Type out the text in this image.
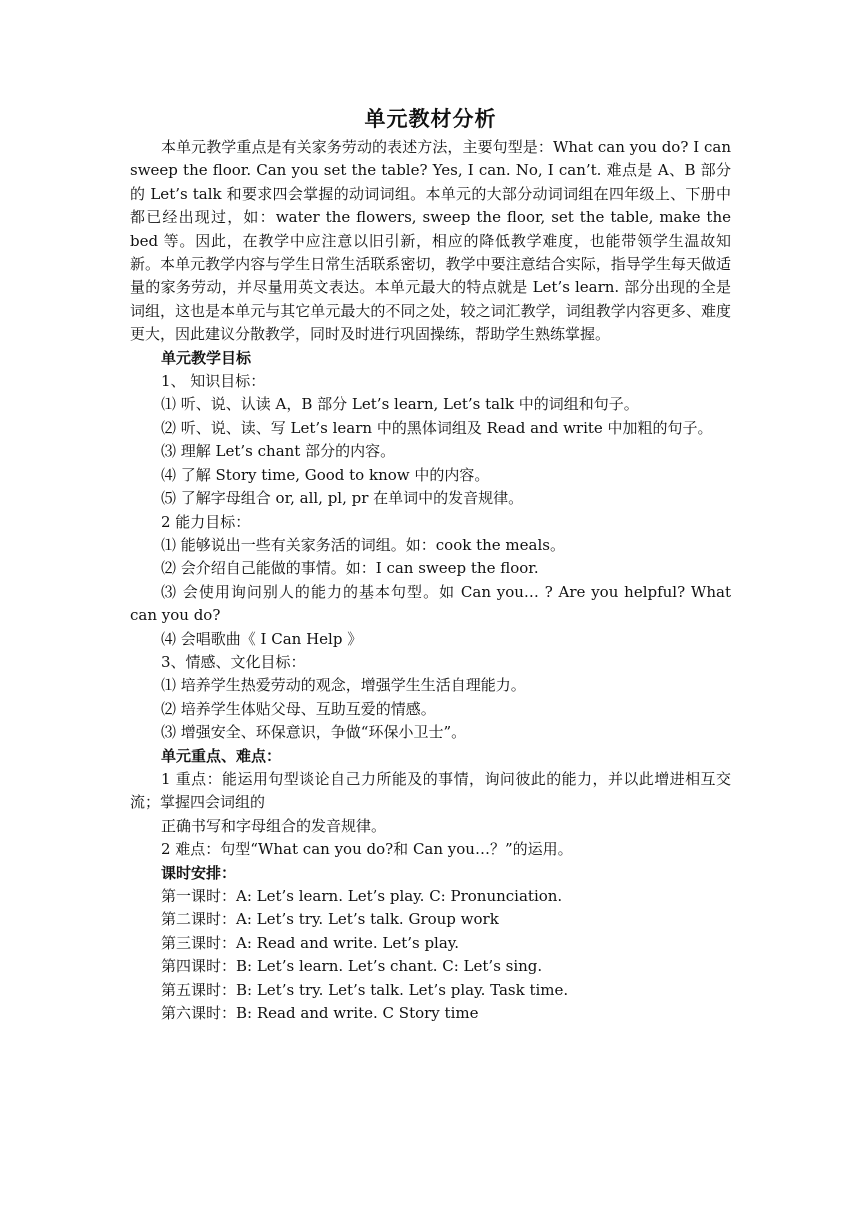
单元教材分析

本单元教学重点是有关家务劳动的表述方法，主要句型是：What can you do? I can sweep the floor. Can you set the table? Yes, I can. No, I can’t. 难点是 A、B 部分的 Let’s talk 和要求四会掌握的动词词组。本单元的大部分动词词组在四年级上、下册中都已经出现过，如：water the flowers, sweep the floor, set the table, make the bed 等。因此，在教学中应注意以旧引新，相应的降低教学难度，也能带领学生温故知新。本单元教学内容与学生日常生活联系密切，教学中要注意结合实际，指导学生每天做适量的家务劳动，并尽量用英文表达。本单元最大的特点就是 Let’s learn. 部分出现的全是词组，这也是本单元与其它单元最大的不同之处，较之词汇教学，词组教学内容更多、难度更大，因此建议分散教学，同时及时进行巩固操练，帮助学生熟练掌握。

单元教学目标

1、 知识目标：

⑴ 听、说、认读 A，B 部分 Let’s learn, Let’s talk 中的词组和句子。

⑵ 听、说、读、写 Let’s learn 中的黑体词组及 Read and write 中加粗的句子。

⑶ 理解 Let’s chant 部分的内容。

⑷ 了解 Story time, Good to know 中的内容。

⑸ 了解字母组合 or, all, pl, pr 在单词中的发音规律。

2 能力目标：

⑴ 能够说出一些有关家务活的词组。如：cook the meals。

⑵ 会介绍自己能做的事情。如：I can sweep the floor.

⑶ 会使用询问别人的能力的基本句型。如 Can you… ? Are you helpful? What can you do?

⑷ 会唱歌曲《 I Can Help 》

3、情感、文化目标：

⑴ 培养学生热爱劳动的观念，增强学生生活自理能力。

⑵ 培养学生体贴父母、互助互爱的情感。

⑶ 增强安全、环保意识，争做“环保小卫士”。

单元重点、难点：

1 重点：能运用句型谈论自己力所能及的事情，询问彼此的能力，并以此增进相互交流；掌握四会词组的

正确书写和字母组合的发音规律。

2 难点：句型“What can you do?和 Can you…？”的运用。

课时安排：

第一课时：A: Let’s learn. Let’s play. C: Pronunciation.

第二课时：A: Let’s try. Let’s talk. Group work

第三课时：A: Read and write. Let’s play.

第四课时：B: Let’s learn. Let’s chant. C: Let’s sing.

第五课时：B: Let’s try. Let’s talk. Let’s play. Task time.

第六课时：B: Read and write. C Story time
